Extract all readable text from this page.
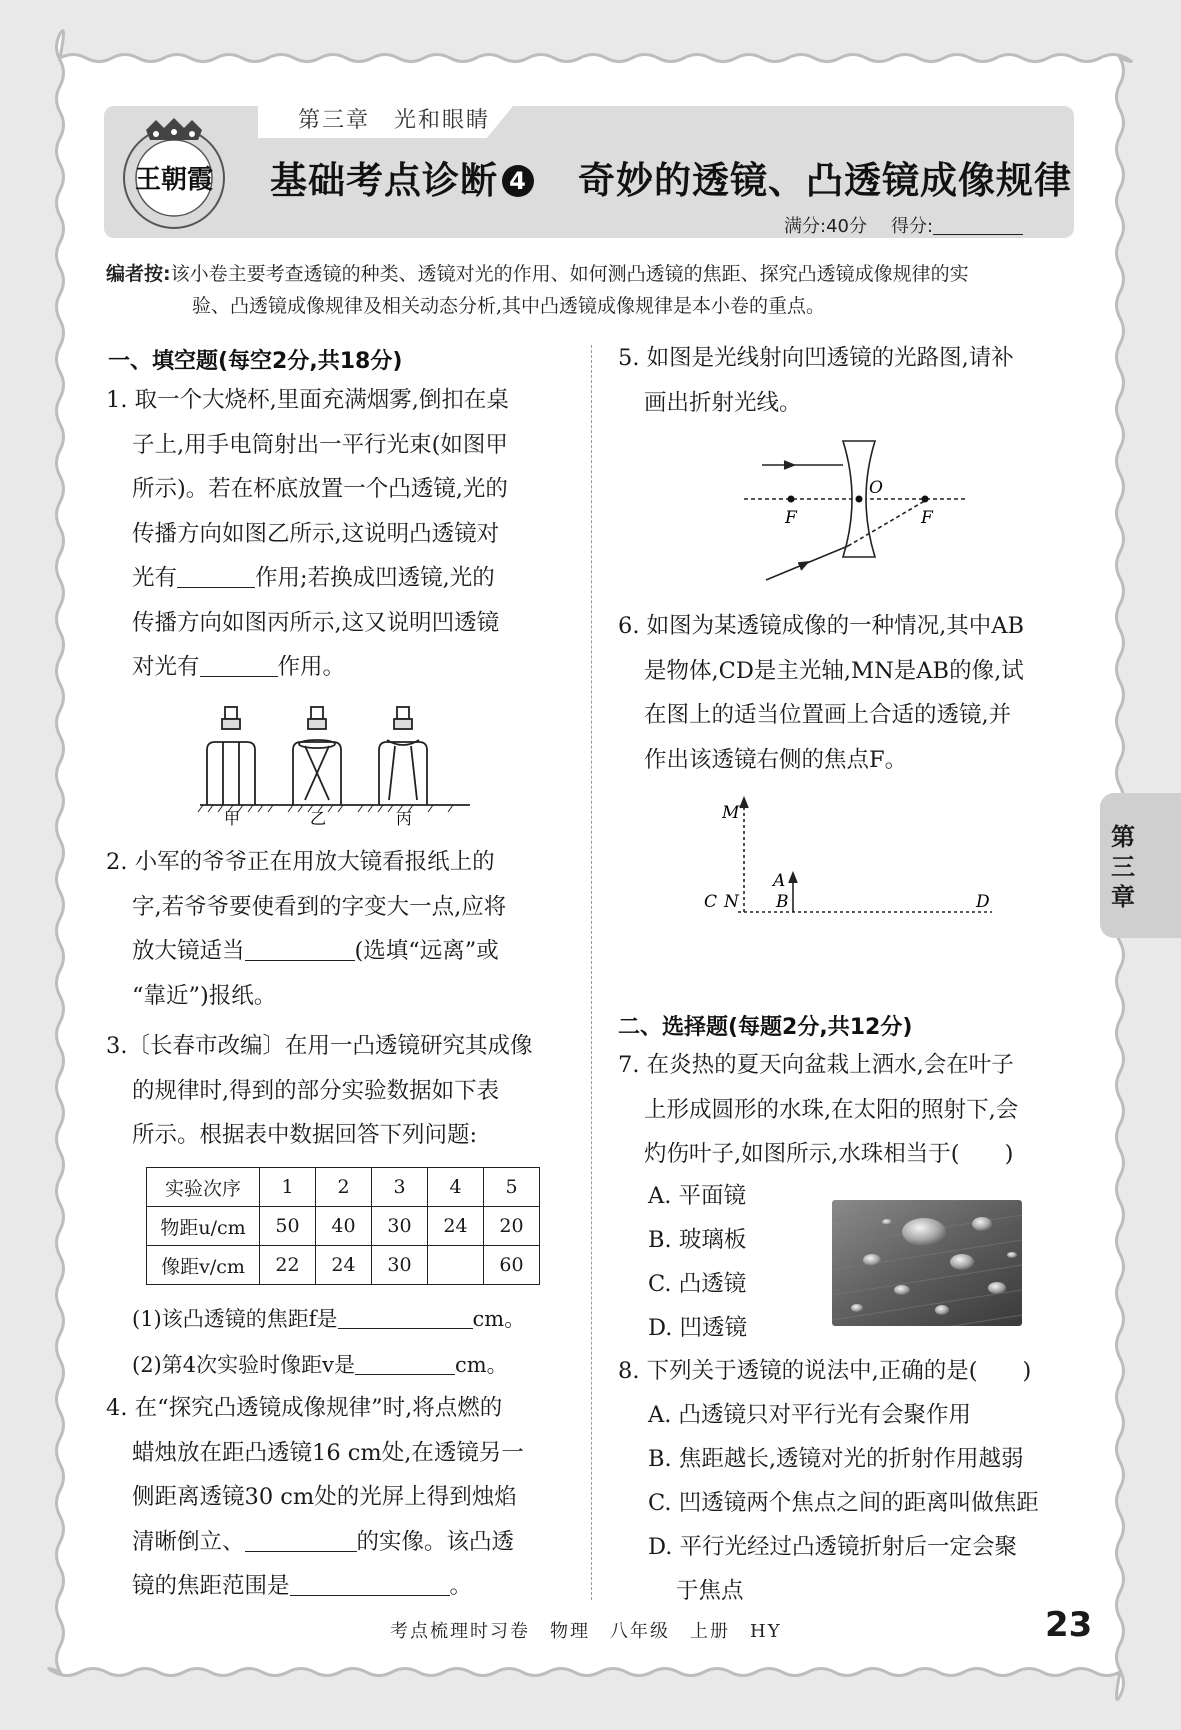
第三章　光和眼睛
王朝霞 基础考点诊断 4 奇妙的透镜、凸透镜成像规律
满分:40分 得分:
编者按:该小卷主要考查透镜的种类、透镜对光的作用、如何测凸透镜的焦距、探究凸透镜成像规律的实
验、凸透镜成像规律及相关动态分析,其中凸透镜成像规律是本小卷的重点。
一、填空题(每空2分,共18分)
1. 取一个大烧杯,里面充满烟雾,倒扣在桌
子上,用手电筒射出一平行光束(如图甲
所示)。若在杯底放置一个凸透镜,光的
传播方向如图乙所示,这说明凸透镜对
光有	作用;若换成凹透镜,光的
传播方向如图丙所示,这又说明凹透镜
对光有	作用。
甲	乙	丙
2. 小军的爷爷正在用放大镜看报纸上的
字,若爷爷要使看到的字变大一点,应将
放大镜适当	(选填“远离”或
“靠近”)报纸。
3.〔长春市改编〕在用一凸透镜研究其成像
的规律时,得到的部分实验数据如下表
所示。根据表中数据回答下列问题:
实验次序	1	2	3	4	5
物距u/cm	50	40	30	24	20
像距v/cm	22	24	30		60
(1)该凸透镜的焦距f是	cm。
(2)第4次实验时像距v是	cm。
4. 在“探究凸透镜成像规律”时,将点燃的
蜡烛放在距凸透镜16 cm处,在透镜另一
侧距离透镜30 cm处的光屏上得到烛焰
清晰倒立、	的实像。该凸透
镜的焦距范围是	。
5. 如图是光线射向凹透镜的光路图,请补
画出折射光线。
F	F
O
6. 如图为某透镜成像的一种情况,其中AB
是物体,CD是主光轴,MN是AB的像,试
在图上的适当位置画上合适的透镜,并
作出该透镜右侧的焦点F。
M
A
C N B	D
二、选择题(每题2分,共12分)
7. 在炎热的夏天向盆栽上洒水,会在叶子
上形成圆形的水珠,在太阳的照射下,会
灼伤叶子,如图所示,水珠相当于(　　)
A. 平面镜
B. 玻璃板
C. 凸透镜
D. 凹透镜
8. 下列关于透镜的说法中,正确的是(　　)
A. 凸透镜只对平行光有会聚作用
B. 焦距越长,透镜对光的折射作用越弱
C. 凹透镜两个焦点之间的距离叫做焦距
D. 平行光经过凸透镜折射后一定会聚
于焦点
第
三
章
考点梳理时习卷　物理　八年级　上册　HY	23
